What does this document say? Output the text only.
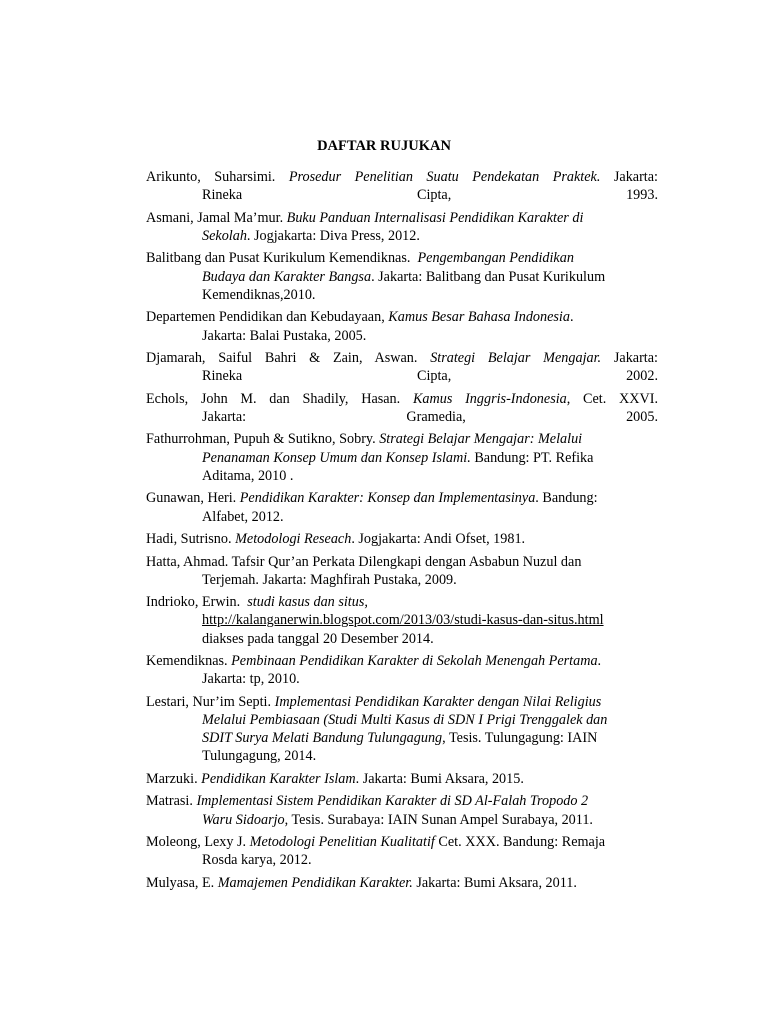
DAFTAR RUJUKAN

Arikunto, Suharsimi. Prosedur Penelitian Suatu Pendekatan Praktek. Jakarta: Rineka Cipta, 1993.

Asmani, Jamal Ma’mur. Buku Panduan Internalisasi Pendidikan Karakter di
Sekolah. Jogjakarta: Diva Press, 2012.

Balitbang dan Pusat Kurikulum Kemendiknas. Pengembangan Pendidikan
Budaya dan Karakter Bangsa. Jakarta: Balitbang dan Pusat Kurikulum
Kemendiknas,2010.

Departemen Pendidikan dan Kebudayaan, Kamus Besar Bahasa Indonesia.
Jakarta: Balai Pustaka, 2005.

Djamarah, Saiful Bahri & Zain, Aswan. Strategi Belajar Mengajar. Jakarta: Rineka Cipta, 2002.

Echols, John M. dan Shadily, Hasan. Kamus Inggris-Indonesia, Cet. XXVI. Jakarta: Gramedia, 2005.

Fathurrohman, Pupuh & Sutikno, Sobry. Strategi Belajar Mengajar: Melalui
Penanaman Konsep Umum dan Konsep Islami. Bandung: PT. Refika
Aditama, 2010 .

Gunawan, Heri. Pendidikan Karakter: Konsep dan Implementasinya. Bandung:
Alfabet, 2012.

Hadi, Sutrisno. Metodologi Reseach. Jogjakarta: Andi Ofset, 1981.

Hatta, Ahmad. Tafsir Qur’an Perkata Dilengkapi dengan Asbabun Nuzul dan
Terjemah. Jakarta: Maghfirah Pustaka, 2009.

Indrioko, Erwin. studi kasus dan situs,
http://kalanganerwin.blogspot.com/2013/03/studi-kasus-dan-situs.html
diakses pada tanggal 20 Desember 2014.

Kemendiknas. Pembinaan Pendidikan Karakter di Sekolah Menengah Pertama.
Jakarta: tp, 2010.

Lestari, Nur’im Septi. Implementasi Pendidikan Karakter dengan Nilai Religius
Melalui Pembiasaan (Studi Multi Kasus di SDN I Prigi Trenggalek dan
SDIT Surya Melati Bandung Tulungagung, Tesis. Tulungagung: IAIN
Tulungagung, 2014.

Marzuki. Pendidikan Karakter Islam. Jakarta: Bumi Aksara, 2015.

Matrasi. Implementasi Sistem Pendidikan Karakter di SD Al-Falah Tropodo 2
Waru Sidoarjo, Tesis. Surabaya: IAIN Sunan Ampel Surabaya, 2011.

Moleong, Lexy J. Metodologi Penelitian Kualitatif Cet. XXX. Bandung: Remaja
Rosda karya, 2012.

Mulyasa, E. Mamajemen Pendidikan Karakter. Jakarta: Bumi Aksara, 2011.
